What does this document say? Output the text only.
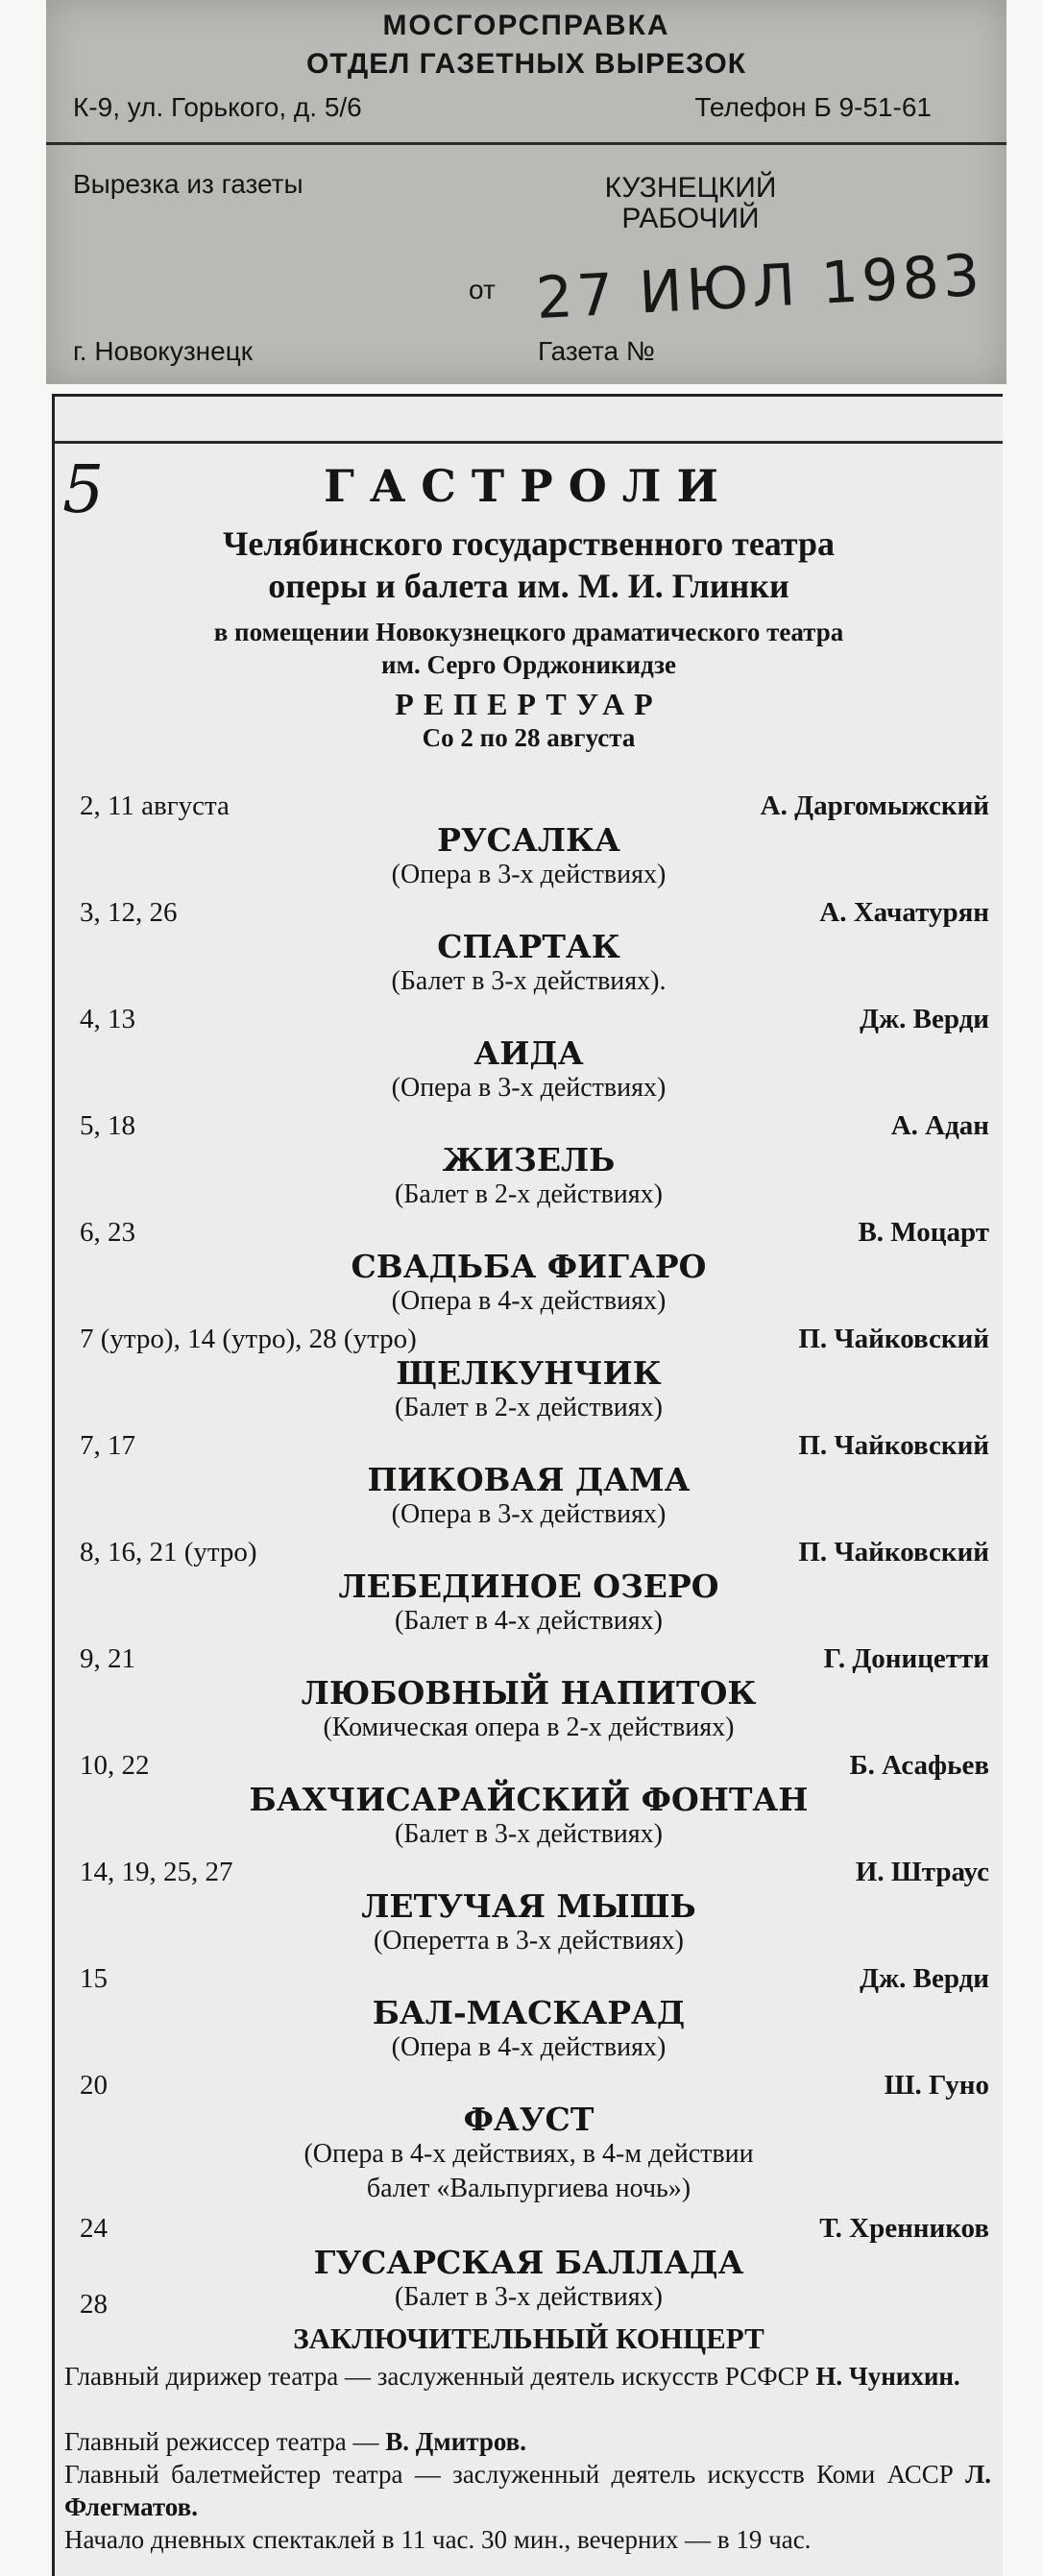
МОСГОРСПРАВКА
ОТДЕЛ ГАЗЕТНЫХ ВЫРЕЗОК
К-9, ул. Горького, д. 5/6	Телефон Б 9-51-61
Вырезка из газеты	КУЗНЕЦКИЙ РАБОЧИЙ
от 27 ИЮЛ 1983
г. Новокузнецк	Газета №
5	ГАСТРОЛИ
Челябинского государственного театра
оперы и балета им. М. И. Глинки
в помещении Новокузнецкого драматического театра
им. Серго Орджоникидзе
РЕПЕРТУАР
Со 2 по 28 августа
2, 11 августа	А. Даргомыжский
РУСАЛКА
(Опера в 3-х действиях)
3, 12, 26	А. Хачатурян
СПАРТАК
(Балет в 3-х действиях).
4, 13	Дж. Верди
АИДА
(Опера в 3-х действиях)
5, 18	А. Адан
ЖИЗЕЛЬ
(Балет в 2-х действиях)
6, 23	В. Моцарт
СВАДЬБА ФИГАРО
(Опера в 4-х действиях)
7 (утро), 14 (утро), 28 (утро)	П. Чайковский
ЩЕЛКУНЧИК
(Балет в 2-х действиях)
7, 17	П. Чайковский
ПИКОВАЯ ДАМА
(Опера в 3-х действиях)
8, 16, 21 (утро)	П. Чайковский
ЛЕБЕДИНОЕ ОЗЕРО
(Балет в 4-х действиях)
9, 21	Г. Доницетти
ЛЮБОВНЫЙ НАПИТОК
(Комическая опера в 2-х действиях)
10, 22	Б. Асафьев
БАХЧИСАРАЙСКИЙ ФОНТАН
(Балет в 3-х действиях)
14, 19, 25, 27	И. Штраус
ЛЕТУЧАЯ МЫШЬ
(Оперетта в 3-х действиях)
15	Дж. Верди
БАЛ-МАСКАРАД
(Опера в 4-х действиях)
20	Ш. Гуно
ФАУСТ
(Опера в 4-х действиях, в 4-м действии
балет «Вальпургиева ночь»)
24	Т. Хренников
ГУСАРСКАЯ БАЛЛАДА
(Балет в 3-х действиях)
28
ЗАКЛЮЧИТЕЛЬНЫЙ КОНЦЕРТ
Главный дирижер театра — заслуженный деятель искусств РСФСР Н. Чунихин.
Главный режиссер театра — В. Дмитров.
Главный балетмейстер театра — заслуженный деятель искусств Коми АССР Л. Флегматов.
Начало дневных спектаклей в 11 час. 30 мин., вечерних — в 19 час.
